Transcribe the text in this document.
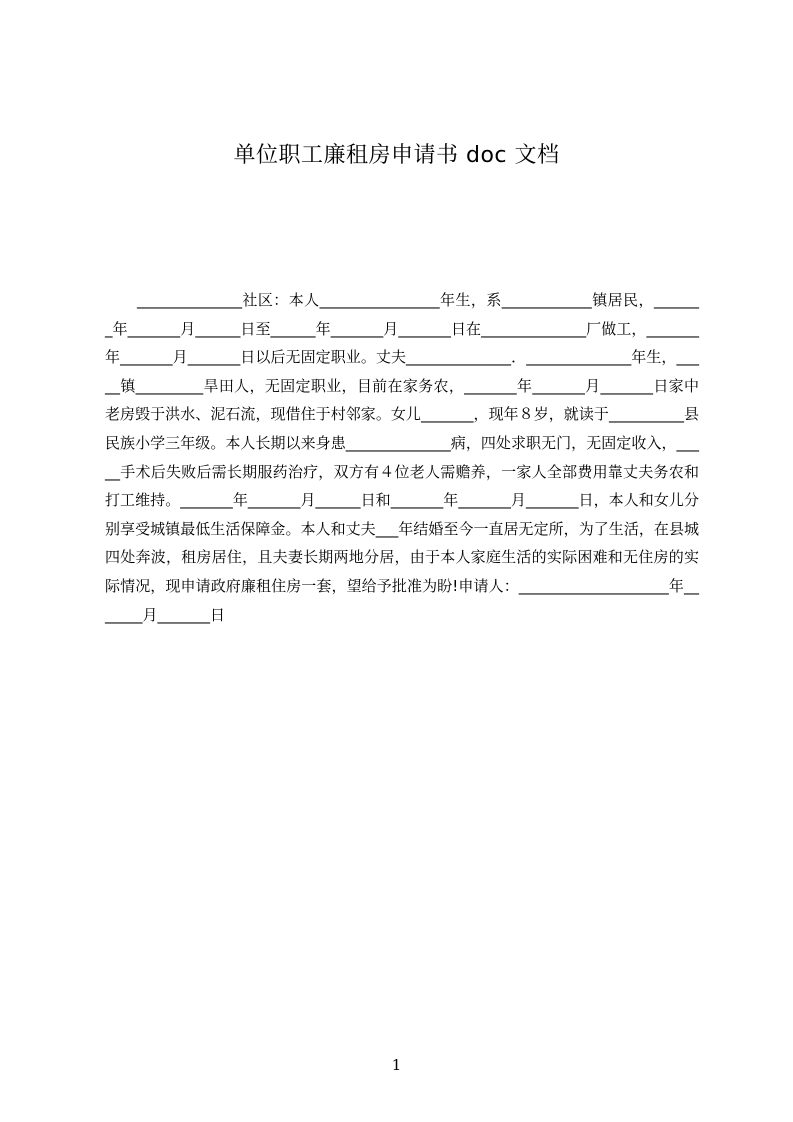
单位职工廉租房申请书 doc 文档

______________社区：本人________________年生，系____________镇居民，_______年_______月______日至______年_______月_______日在______________厂做工，_______年_______月_______日以后无固定职业。丈夫______________．______________年生，_____镇_________旱田人，无固定职业，目前在家务农，_______年_______月_______日家中老房毁于洪水、泥石流，现借住于村邻家。女儿_______，现年８岁，就读于__________县民族小学三年级。本人长期以来身患______________病，四处求职无门，无固定收入，_____手术后失败后需长期服药治疗，双方有４位老人需赡养，一家人全部费用靠丈夫务农和打工维持。_______年_______月______日和_______年_______月_______日，本人和女儿分别享受城镇最低生活保障金。本人和丈夫___年结婚至今一直居无定所，为了生活，在县城四处奔波，租房居住，且夫妻长期两地分居，由于本人家庭生活的实际困难和无住房的实际情况，现申请政府廉租住房一套，望给予批准为盼!申请人：____________________年_______月_______日

1
